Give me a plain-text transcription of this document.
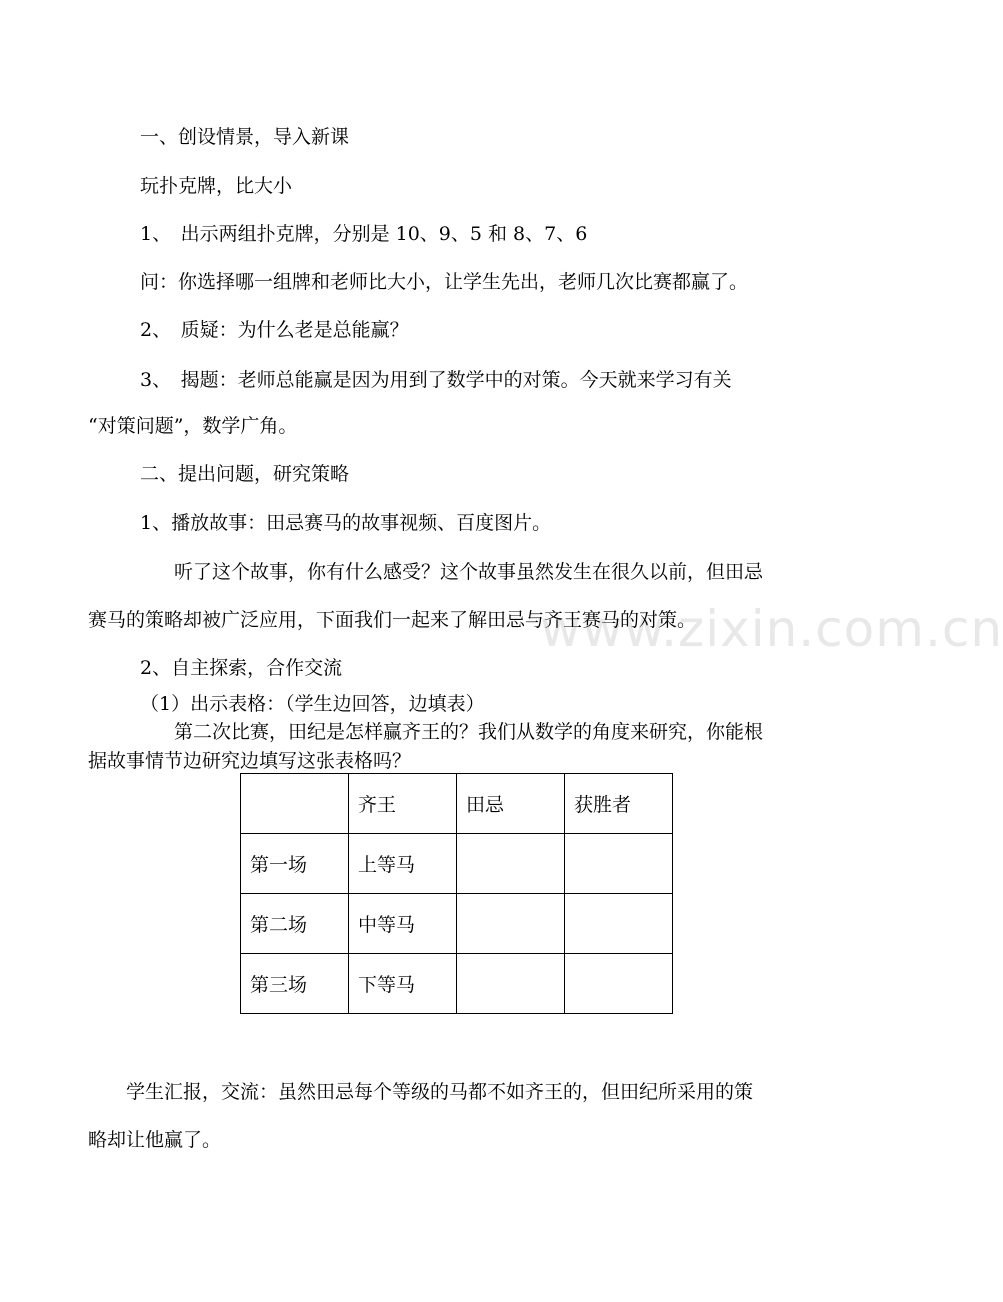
www.zixin.com.cn

一、创设情景，导入新课

玩扑克牌，比大小

1、　出示两组扑克牌，分别是 10、9、5 和 8、7、6

问：你选择哪一组牌和老师比大小，让学生先出，老师几次比赛都赢了。

2、　质疑：为什么老是总能赢？

3、　揭题：老师总能赢是因为用到了数学中的对策。今天就来学习有关

“对策问题”，数学广角。

二、提出问题，研究策略

1、播放故事：田忌赛马的故事视频、百度图片。

听了这个故事，你有什么感受？这个故事虽然发生在很久以前，但田忌

赛马的策略却被广泛应用，下面我们一起来了解田忌与齐王赛马的对策。

2、自主探索，合作交流

（1）出示表格：（学生边回答，边填表）

第二次比赛，田纪是怎样赢齐王的？我们从数学的角度来研究，你能根

据故事情节边研究边填写这张表格吗？

	齐王	田忌	获胜者
第一场	上等马		
第二场	中等马		
第三场	下等马		

学生汇报，交流：虽然田忌每个等级的马都不如齐王的，但田纪所采用的策

略却让他赢了。
